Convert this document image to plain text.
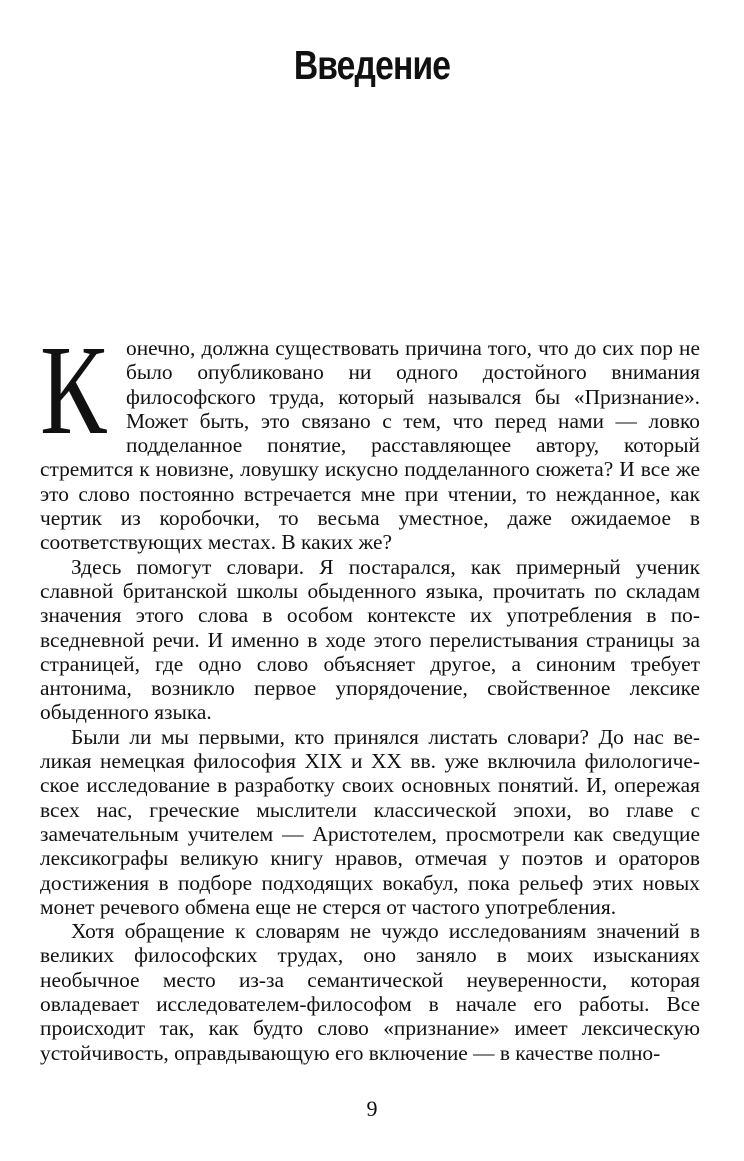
Введение

Конечно, должна существовать причина того, что до сих пор не было опубликовано ни одного достойного внимания философского труда, который назывался бы «Признание». Может быть, это связано с тем, что перед нами — ловко подделанное понятие, расставляющее автору, который стремится к новизне, ловушку искусно подделанного сюжета? И все же это слово постоянно встречается мне при чтении, то нежданное, как чертик из коробочки, то весьма уместное, даже ожидаемое в соответствующих местах. В каких же?

Здесь помогут словари. Я постарался, как примерный ученик славной британской школы обыденного языка, прочитать по складам значения этого слова в особом контексте их употребления в повседневной речи. И именно в ходе этого перелистывания страницы за страницей, где одно слово объясняет другое, а синоним требует антонима, возникло первое упорядочение, свойственное лексике обыденного языка.

Были ли мы первыми, кто принялся листать словари? До нас великая немецкая философия XIX и XX вв. уже включила филологическое исследование в разработку своих основных понятий. И, опережая всех нас, греческие мыслители классической эпохи, во главе с замечательным учителем — Аристотелем, просмотрели как сведущие лексикографы великую книгу нравов, отмечая у поэтов и ораторов достижения в подборе подходящих вокабул, пока рельеф этих новых монет речевого обмена еще не стерся от частого употребления.

Хотя обращение к словарям не чуждо исследованиям значений в великих философских трудах, оно заняло в моих изысканиях необычное место из-за семантической неуверенности, которая овладевает исследователем-философом в начале его работы. Все происходит так, как будто слово «признание» имеет лексическую устойчивость, оправдывающую его включение — в качестве полно-

9
